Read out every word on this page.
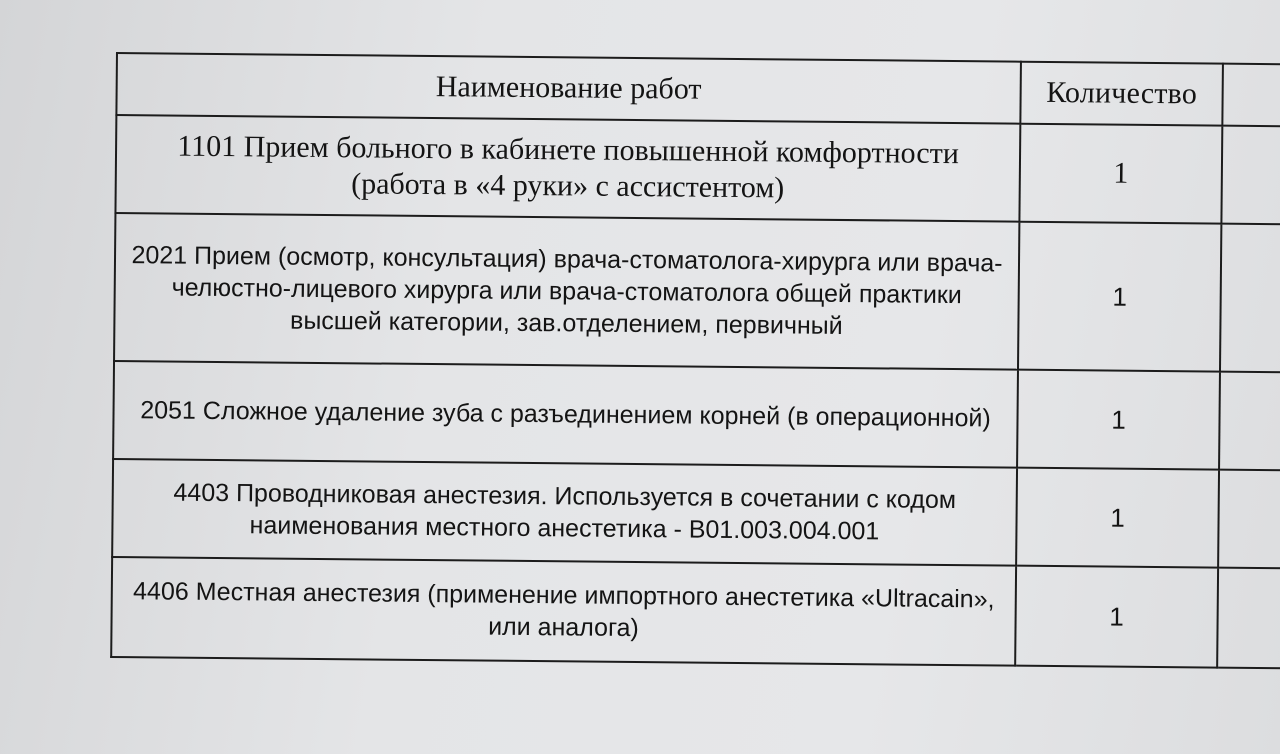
Наименование работ	Количество	
1101 Прием больного в кабинете повышенной комфортности (работа в «4 руки» с ассистентом)	1	
2021 Прием (осмотр, консультация) врача-стоматолога-хирурга или врача-челюстно-лицевого хирурга или врача-стоматолога общей практики высшей категории, зав.отделением, первичный	1	
2051 Сложное удаление зуба с разъединением корней (в операционной)	1	
4403 Проводниковая анестезия. Используется в сочетании с кодом наименования местного анестетика - B01.003.004.001	1	
4406 Местная анестезия (применение импортного анестетика «Ultracain», или аналога)	1	
